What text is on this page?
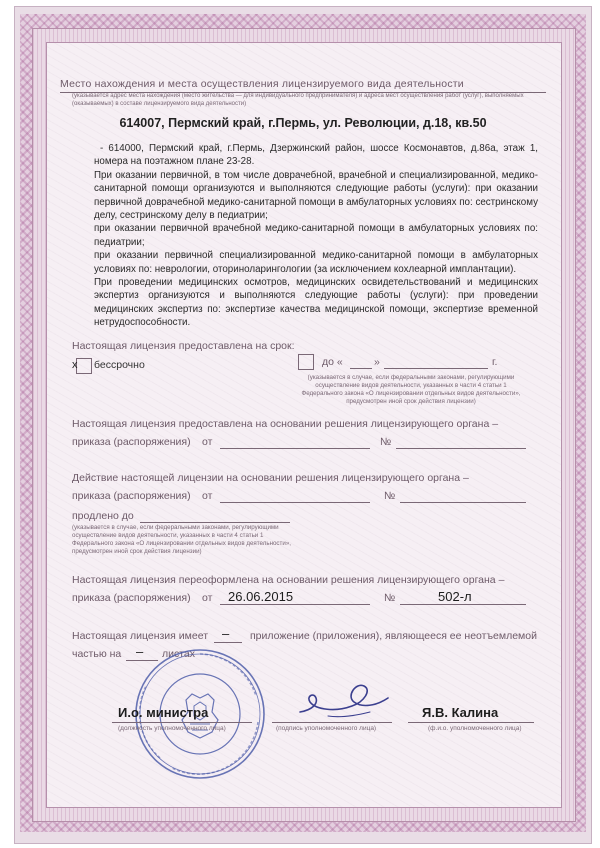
Место нахождения и места осуществления лицензируемого вида деятельности
(указывается адрес места нахождения (место жительства — для индивидуального предпринимателя) и адреса мест осуществления работ (услуг), выполняемых (оказываемых) в составе лицензируемого вида деятельности)
614007, Пермский край, г.Пермь, ул. Революции, д.18, кв.50

- 614000, Пермский край, г.Пермь, Дзержинский район, шоссе Космонавтов, д.86а, этаж 1, номера на поэтажном плане 23-28.

При оказании первичной, в том числе доврачебной, врачебной и специализированной, медико-санитарной помощи организуются и выполняются следующие работы (услуги): при оказании первичной доврачебной медико-санитарной помощи в амбулаторных условиях по: сестринскому делу, сестринскому делу в педиатрии;

при оказании первичной врачебной медико-санитарной помощи в амбулаторных условиях по: педиатрии;

при оказании первичной специализированной медико-санитарной помощи в амбулаторных условиях по: неврологии, оториноларингологии (за исключением кохлеарной имплантации).

При проведении медицинских осмотров, медицинских освидетельствований и медицинских экспертиз организуются и выполняются следующие работы (услуги): при проведении медицинских экспертиз по: экспертизе качества медицинской помощи, экспертизе временной нетрудоспособности.

Настоящая лицензия предоставлена на срок:
x бессрочно	до «	»	г.
(указывается в случае, если федеральными законами, регулирующими осуществление видов деятельности, указанных в части 4 статьи 1 Федерального закона «О лицензировании отдельных видов деятельности», предусмотрен иной срок действия лицензии)
Настоящая лицензия предоставлена на основании решения лицензирующего органа –
приказа (распоряжения) от	№
Действие настоящей лицензии на основании решения лицензирующего органа –
приказа (распоряжения) от	№
продлено до
(указывается в случае, если федеральными законами, регулирующими осуществление видов деятельности, указанных в части 4 статьи 1 Федерального закона «О лицензировании отдельных видов деятельности», предусмотрен иной срок действия лицензии)
Настоящая лицензия переоформлена на основании решения лицензирующего органа –
приказа (распоряжения) от 26.06.2015	№	502-л
Настоящая лицензия имеет – приложение (приложения), являющееся ее неотъемлемой
частью на – листах
И.о. министра
(должность уполномоченного лица)	(подпись уполномоченного лица)
Я.В. Калина
(ф.и.о. уполномоченного лица)
